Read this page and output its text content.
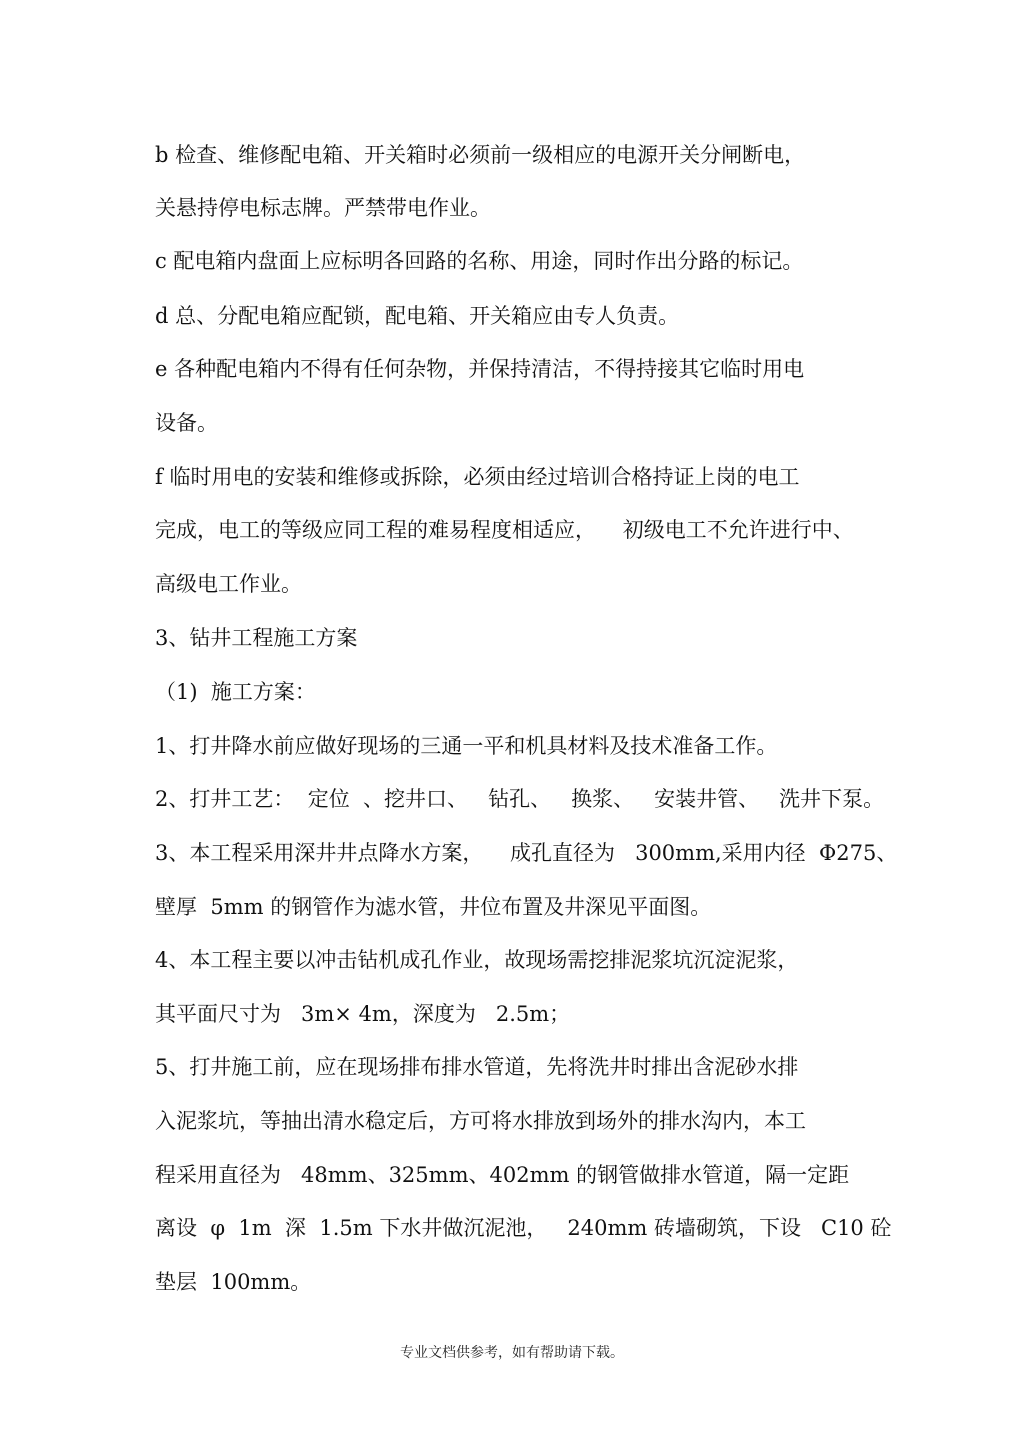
b 检查、维修配电箱、开关箱时必须前一级相应的电源开关分闸断电，
关悬持停电标志牌。严禁带电作业。
c 配电箱内盘面上应标明各回路的名称、用途，同时作出分路的标记。
d 总、分配电箱应配锁，配电箱、开关箱应由专人负责。
e 各种配电箱内不得有任何杂物，并保持清洁，不得持接其它临时用电
设备。
f 临时用电的安装和维修或拆除，必须由经过培训合格持证上岗的电工
完成，电工的等级应同工程的难易程度相适应，    初级电工不允许进行中、
高级电工作业。
3、钻井工程施工方案
（1)  施工方案：
1、打井降水前应做好现场的三通一平和机具材料及技术准备工作。
2、打井工艺：  定位  、挖井口、   钻孔、   换浆、   安装井管、   洗井下泵。
3、本工程采用深井井点降水方案，    成孔直径为   300mm,采用内径  Φ275、
壁厚  5mm 的钢管作为滤水管，井位布置及井深见平面图。
4、本工程主要以冲击钻机成孔作业，故现场需挖排泥浆坑沉淀泥浆，
其平面尺寸为   3m× 4m，深度为   2.5m；
5、打井施工前，应在现场排布排水管道，先将洗井时排出含泥砂水排
入泥浆坑，等抽出清水稳定后，方可将水排放到场外的排水沟内，本工
程采用直径为   48mm、325mm、402mm 的钢管做排水管道，隔一定距
离设  φ  1m  深  1.5m 下水井做沉泥池，   240mm 砖墙砌筑，下设   C10 砼
垫层  100mm。
专业文档供参考，如有帮助请下载。
